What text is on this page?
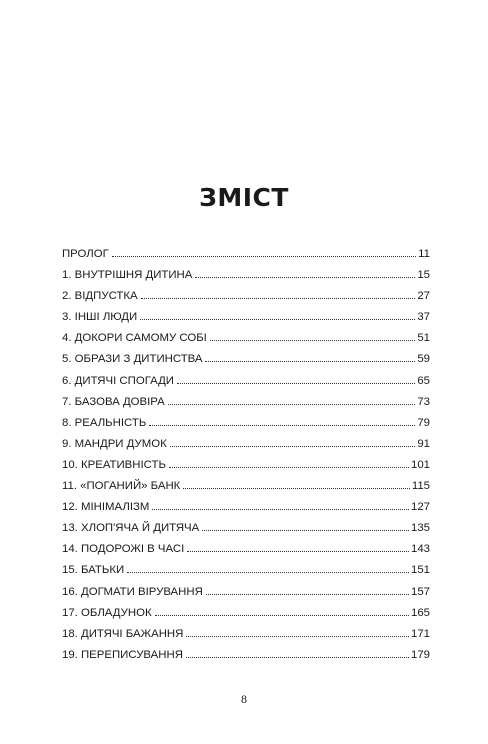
ЗМІСТ
ПРОЛОГ	11
1. ВНУТРІШНЯ ДИТИНА	15
2. ВІДПУСТКА	27
3. ІНШІ ЛЮДИ	37
4. ДОКОРИ САМОМУ СОБІ	51
5. ОБРАЗИ З ДИТИНСТВА	59
6. ДИТЯЧІ СПОГАДИ	65
7. БАЗОВА ДОВІРА	73
8. РЕАЛЬНІСТЬ	79
9. МАНДРИ ДУМОК	91
10. КРЕАТИВНІСТЬ	101
11. «ПОГАНИЙ» БАНК	115
12. МІНІМАЛІЗМ	127
13. ХЛОП'ЯЧА Й ДИТЯЧА	135
14. ПОДОРОЖІ В ЧАСІ	143
15. БАТЬКИ	151
16. ДОГМАТИ ВІРУВАННЯ	157
17. ОБЛАДУНОК	165
18. ДИТЯЧІ БАЖАННЯ	171
19. ПЕРЕПИСУВАННЯ	179
8
